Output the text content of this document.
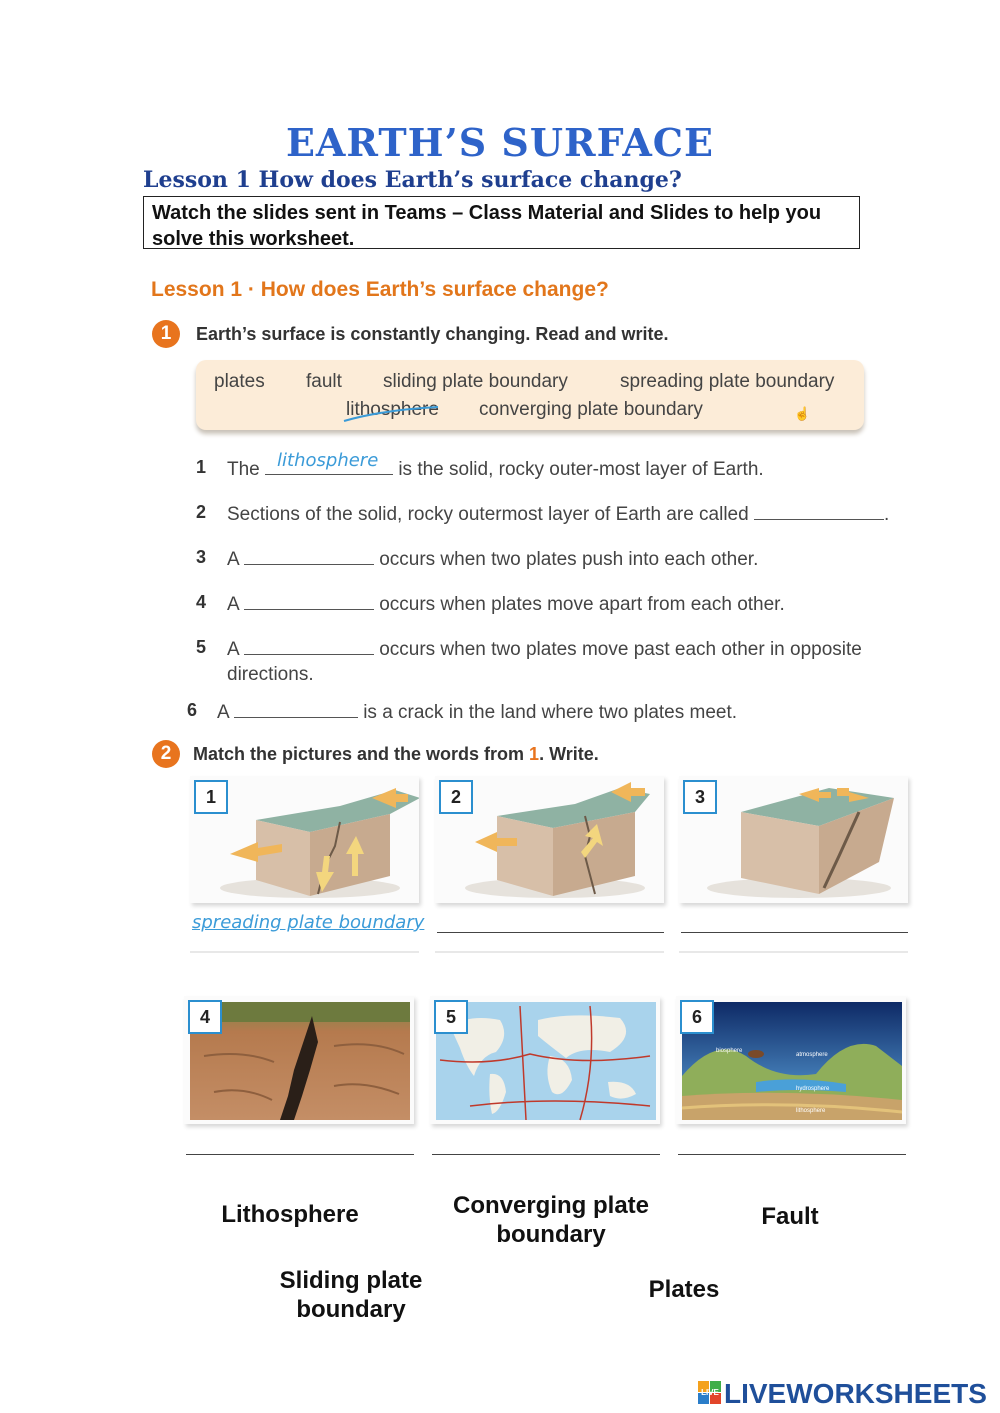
EARTH’S SURFACE
Lesson 1 How does Earth’s surface change?
Watch the slides sent in Teams – Class Material and Slides to help you solve this worksheet.
Lesson 1 · How does Earth’s surface change?
1	Earth’s surface is constantly changing. Read and write.
plates fault sliding plate boundary	spreading plate boundary
lithosphere converging plate boundary	☝
1 The lithosphere is the solid, rocky outer-most layer of Earth.
2 Sections of the solid, rocky outermost layer of Earth are called	.
3 A	occurs when two plates push into each other.
4 A	occurs when plates move apart from each other.
5 A	occurs when two plates move past each other in opposite
directions.
6 A	is a crack in the land where two plates meet.
2	Match the pictures and the words from 1. Write.
1
spreading plate boundary
2	3
4	5
biosphere
atmosphere
hydrosphere
lithosphere
6
Lithosphere	Converging plate boundary
Fault
Sliding plate boundary
Plates
LIVE LIVEWORKSHEETS
